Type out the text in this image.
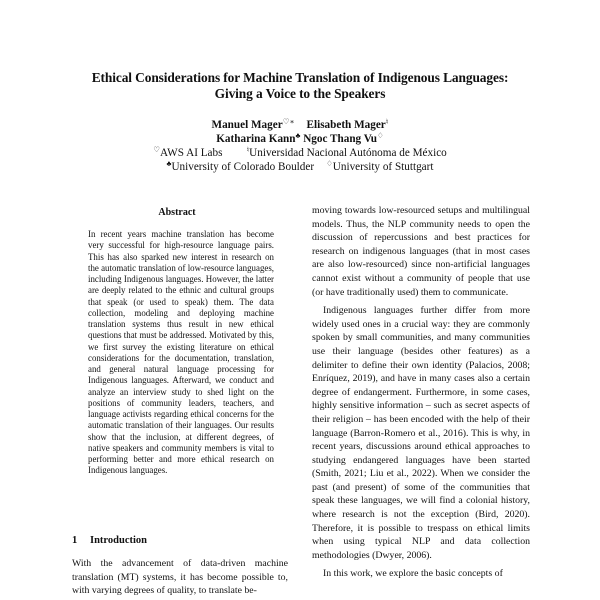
Ethical Considerations for Machine Translation of Indigenous Languages:
Giving a Voice to the Speakers
Manuel Mager♡∗ Elisabeth Mager♮
Katharina Kann♣ Ngoc Thang Vu♢
♡AWS AI Labs	♮Universidad Nacional Autónoma de México
♣University of Colorado Boulder ♢University of Stuttgart
Abstract
In recent years machine translation has become very successful for high-resource language pairs. This has also sparked new interest in research on the automatic translation of low-resource languages, including Indigenous languages. However, the latter are deeply related to the ethnic and cultural groups that speak (or used to speak) them. The data collection, modeling and deploying machine translation systems thus result in new ethical questions that must be addressed. Motivated by this, we first survey the existing literature on ethical considerations for the documentation, translation, and general natural language processing for Indigenous languages. Afterward, we conduct and analyze an interview study to shed light on the positions of community leaders, teachers, and language activists regarding ethical concerns for the automatic translation of their languages. Our results show that the inclusion, at different degrees, of native speakers and community members is vital to performing better and more ethical research on Indigenous languages.
1 Introduction
With the advancement of data-driven machine translation (MT) systems, it has become possible to, with varying degrees of quality, to translate be-

moving towards low-resourced setups and multilingual models. Thus, the NLP community needs to open the discussion of repercussions and best practices for research on indigenous languages (that in most cases are also low-resourced) since non-artificial languages cannot exist without a community of people that use (or have traditionally used) them to communicate.

Indigenous languages further differ from more widely used ones in a crucial way: they are commonly spoken by small communities, and many communities use their language (besides other features) as a delimiter to define their own identity (Palacios, 2008; Enríquez, 2019), and have in many cases also a certain degree of endangerment. Furthermore, in some cases, highly sensitive information – such as secret aspects of their religion – has been encoded with the help of their language (Barron-Romero et al., 2016). This is why, in recent years, discussions around ethical approaches to studying endangered languages have been started (Smith, 2021; Liu et al., 2022). When we consider the past (and present) of some of the communities that speak these languages, we will find a colonial history, where research is not the exception (Bird, 2020). Therefore, it is possible to trespass on ethical limits when using typical NLP and data collection methodologies (Dwyer, 2006).

In this work, we explore the basic concepts of
